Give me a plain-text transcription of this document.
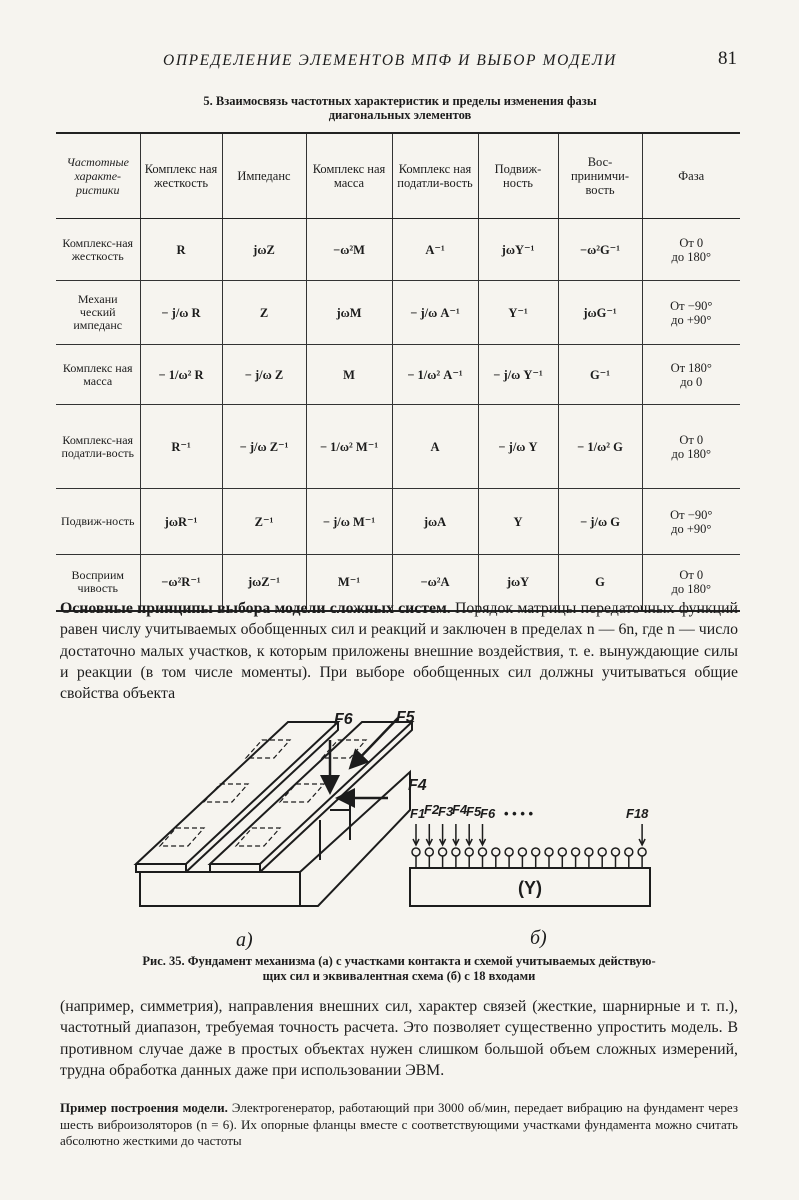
ОПРЕДЕЛЕНИЕ ЭЛЕМЕНТОВ МПФ И ВЫБОР МОДЕЛИ	81
5. Взаимосвязь частотных характеристик и пределы изменения фазы
диагональных элементов
Частотные характе-ристики	Комплекс ная жесткость	Импеданс	Комплекс ная масса	Комплекс ная податли-вость	Подвиж-ность	Вос-принимчи-вость	Фаза
Комплекс-ная жесткость	R	jωZ	−ω²M	A⁻¹	jωY⁻¹	−ω²G⁻¹	От 0
до 180°

Механи ческий импеданс	− j/ω R	Z	jωM	− j/ω A⁻¹	Y⁻¹	jωG⁻¹	От −90°
до +90°

Комплекс ная масса	− 1/ω² R	− j/ω Z	M	− 1/ω² A⁻¹	− j/ω Y⁻¹	G⁻¹	От 180°
до 0

Комплекс-ная податли-вость	R⁻¹	− j/ω Z⁻¹	− 1/ω² M⁻¹	A	− j/ω Y	− 1/ω² G	От 0
до 180°

Подвиж-ность	jωR⁻¹	Z⁻¹	− j/ω M⁻¹	jωA	Y	− j/ω G	От −90°
до +90°

Восприим чивость	−ω²R⁻¹	jωZ⁻¹	M⁻¹	−ω²A	jωY	G	От 0
до 180°
Основные принципы выбора модели сложных систем. Порядок матрицы передаточных функций равен числу учитываемых обобщенных сил и реакций и заключен в пределах n — 6n, где n — число достаточно малых участков, к которым приложены внешние воздействия, т. е. вынуждающие силы и реакции (в том числе моменты). При выборе обобщенных сил должны учитываться общие свойства объекта
F6	F5
F4
(Y)
F1
F2
F3
F4
F5
F6 • • • •	F18
a)	б)
Рис. 35. Фундамент механизма (а) с участками контакта и схемой учитываемых действую-
щих сил и эквивалентная схема (б) с 18 входами
(например, симметрия), направления внешних сил, характер связей (жесткие, шарнирные и т. п.), частотный диапазон, требуемая точность расчета. Это позволяет существенно упростить модель. В противном случае даже в простых объектах нужен слишком большой объем сложных измерений, трудна обработка данных даже при использовании ЭВМ.
Пример построения модели. Электрогенератор, работающий при 3000 об/мин, передает вибрацию на фундамент через шесть виброизоляторов (n = 6). Их опорные фланцы вместе с соответствующими участками фундамента можно считать абсолютно жесткими до частоты
